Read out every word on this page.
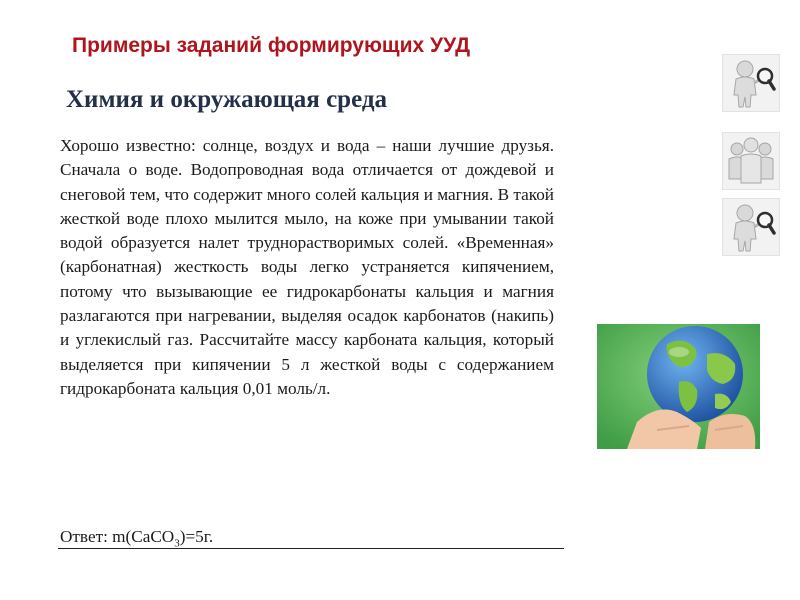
Примеры заданий формирующих УУД
Химия и окружающая среда

Хорошо известно: солнце, воздух и вода – наши лучшие друзья. Сначала о воде. Водопроводная вода отличается от дождевой и снеговой тем, что содержит много солей кальция и магния. В такой жесткой воде плохо мылится мыло, на коже при умывании такой водой образуется налет труднорастворимых солей. «Временная» (карбонатная) жесткость воды легко устраняется кипячением, потому что вызывающие ее гидрокарбонаты кальция и магния разлагаются при нагревании, выделяя осадок карбонатов (накипь) и углекислый газ. Рассчитайте массу карбоната кальция, который выделяется при кипячении 5 л жесткой воды с содержанием гидрокарбоната кальция 0,01 моль/л.

Ответ: m(CaCO$_3$)=5г.
